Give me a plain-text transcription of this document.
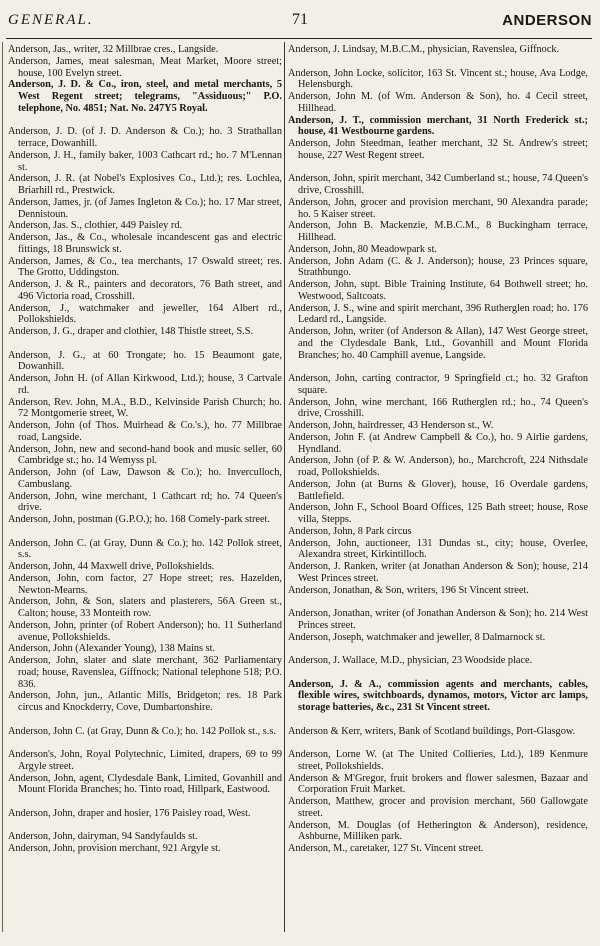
GENERAL.	71	ANDERSON

Anderson, Jas., writer, 32 Millbrae cres., Langside.

Anderson, James, meat salesman, Meat Market, Moore street; house, 100 Evelyn street.

Anderson, J. D. & Co., iron, steel, and metal merchants, 5 West Regent street; telegrams, "Assiduous;" P.O. telephone, No. 4851; Nat. No. 247Y5 Royal.

Anderson, J. D. (of J. D. Anderson & Co.); ho. 3 Strathallan terrace, Dowanhill.

Anderson, J. H., family baker, 1003 Cathcart rd.; ho. 7 M'Lennan st.

Anderson, J. R. (at Nobel's Explosives Co., Ltd.); res. Lochlea, Briarhill rd., Prestwick.

Anderson, James, jr. (of James Ingleton & Co.); ho. 17 Mar street, Dennistoun.

Anderson, Jas. S., clothier, 449 Paisley rd.

Anderson, Jas., & Co., wholesale incandescent gas and electric fittings, 18 Brunswick st.

Anderson, James, & Co., tea merchants, 17 Oswald street; res. The Grotto, Uddingston.

Anderson, J. & R., painters and decorators, 76 Bath street, and 496 Victoria road, Crosshill.

Anderson, J., watchmaker and jeweller, 164 Albert rd., Pollokshields.

Anderson, J. G., draper and clothier, 148 Thistle street, S.S.

Anderson, J. G., at 60 Trongate; ho. 15 Beaumont gate, Dowanhill.

Anderson, John H. (of Allan Kirkwood, Ltd.); house, 3 Cartvale rd.

Anderson, Rev. John, M.A., B.D., Kelvinside Parish Church; ho. 72 Montgomerie street, W.

Anderson, John (of Thos. Muirhead & Co.'s.), ho. 77 Millbrae road, Langside.

Anderson, John, new and second-hand book and music seller, 60 Cambridge st.; ho. 14 Wemyss pl.

Anderson, John (of Law, Dawson & Co.); ho. Inverculloch, Cambuslang.

Anderson, John, wine merchant, 1 Cathcart rd; ho. 74 Queen's drive.

Anderson, John, postman (G.P.O.); ho. 168 Comely-park street.

Anderson, John C. (at Gray, Dunn & Co.); ho. 142 Pollok street, s.s.

Anderson, John, 44 Maxwell drive, Pollokshields.

Anderson, John, corn factor, 27 Hope street; res. Hazelden, Newton-Mearns.

Anderson, John, & Son, slaters and plasterers, 56A Green st., Calton; house, 33 Monteith row.

Anderson, John, printer (of Robert Anderson); ho. 11 Sutherland avenue, Pollokshields.

Anderson, John (Alexander Young), 138 Mains st.

Anderson, John, slater and slate merchant, 362 Parliamentary road; house, Ravenslea, Giffnock; National telephone 518; P.O. 836.

Anderson, John, jun., Atlantic Mills, Bridgeton; res. 18 Park circus and Knockderry, Cove, Dumbartonshire.

Anderson, John C. (at Gray, Dunn & Co.); ho. 142 Pollok st., s.s.

Anderson's, John, Royal Polytechnic, Limited, drapers, 69 to 99 Argyle street.

Anderson, John, agent, Clydesdale Bank, Limited, Govanhill and Mount Florida Branches; ho. Tinto road, Hillpark, Eastwood.

Anderson, John, draper and hosier, 176 Paisley road, West.

Anderson, John, dairyman, 94 Sandyfaulds st.

Anderson, John, provision merchant, 921 Argyle st.

Anderson, J. Lindsay, M.B.C.M., physician, Ravenslea, Giffnock.

Anderson, John Locke, solicitor, 163 St. Vincent st.; house, Ava Lodge, Helensburgh.

Anderson, John M. (of Wm. Anderson & Son), ho. 4 Cecil street, Hillhead.

Anderson, J. T., commission merchant, 31 North Frederick st.; house, 41 Westbourne gardens.

Anderson, John Steedman, leather merchant, 32 St. Andrew's street; house, 227 West Regent street.

Anderson, John, spirit merchant, 342 Cumberland st.; house, 74 Queen's drive, Crosshill.

Anderson, John, grocer and provision merchant, 90 Alexandra parade; ho. 5 Kaiser street.

Anderson, John B. Mackenzie, M.B.C.M., 8 Buckingham terrace, Hillhead.

Anderson, John, 80 Meadowpark st.

Anderson, John Adam (C. & J. Anderson); house, 23 Princes square, Strathbungo.

Anderson, John, supt. Bible Training Institute, 64 Bothwell street; ho. Westwood, Saltcoats.

Anderson, J. S., wine and spirit merchant, 396 Rutherglen road; ho. 176 Ledard rd., Langside.

Anderson, John, writer (of Anderson & Allan), 147 West George street, and the Clydesdale Bank, Ltd., Govanhill and Mount Florida Branches; ho. 40 Camphill avenue, Langside.

Anderson, John, carting contractor, 9 Springfield ct.; ho. 32 Grafton square.

Anderson, John, wine merchant, 166 Rutherglen rd.; ho., 74 Queen's drive, Crosshill.

Anderson, John, hairdresser, 43 Henderson st., W.

Anderson, John F. (at Andrew Campbell & Co.), ho. 9 Airlie gardens, Hyndland.

Anderson, John (of P. & W. Anderson), ho., Marchcroft, 224 Nithsdale road, Pollokshields.

Anderson, John (at Burns & Glover), house, 16 Overdale gardens, Battlefield.

Anderson, John F., School Board Offices, 125 Bath street; house, Rose villa, Stepps.

Anderson, John, 8 Park circus

Anderson, John, auctioneer, 131 Dundas st., city; house, Overlee, Alexandra street, Kirkintilloch.

Anderson, J. Ranken, writer (at Jonathan Anderson & Son); house, 214 West Princes street.

Anderson, Jonathan, & Son, writers, 196 St Vincent street.

Anderson, Jonathan, writer (of Jonathan Anderson & Son); ho. 214 West Princes street.

Anderson, Joseph, watchmaker and jeweller, 8 Dalmarnock st.

Anderson, J. Wallace, M.D., physician, 23 Woodside place.

Anderson, J. & A., commission agents and merchants, cables, flexible wires, switchboards, dynamos, motors, Victor arc lamps, storage batteries, &c., 231 St Vincent street.

Anderson & Kerr, writers, Bank of Scotland buildings, Port-Glasgow.

Anderson, Lorne W. (at The United Collieries, Ltd.), 189 Kenmure street, Pollokshields.

Anderson & M'Gregor, fruit brokers and flower salesmen, Bazaar and Corporation Fruit Market.

Anderson, Matthew, grocer and provision merchant, 560 Gallowgate street.

Anderson, M. Douglas (of Hetherington & Anderson), residence, Ashburne, Milliken park.

Anderson, M., caretaker, 127 St. Vincent street.
